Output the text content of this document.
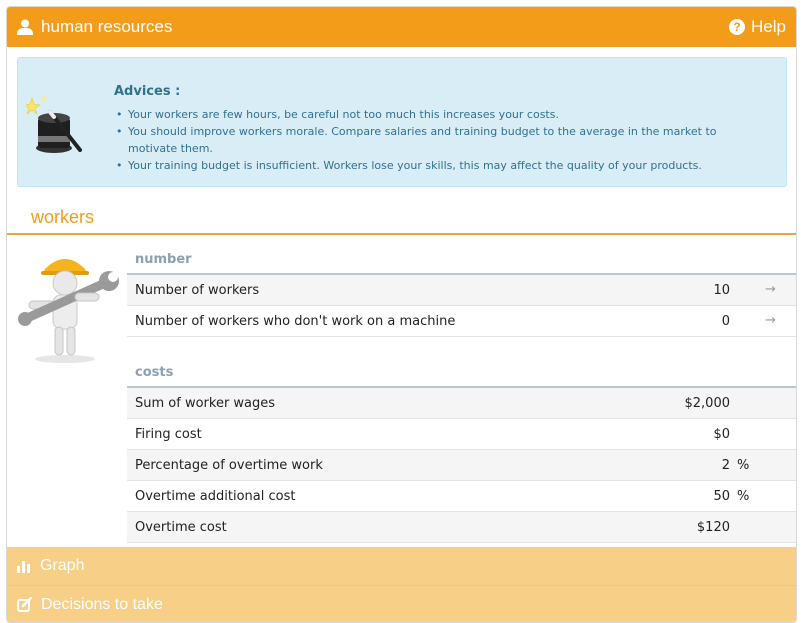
human resources	? Help
Advices :
• Your workers are few hours, be careful not too much this increases your costs.
• You should improve workers morale. Compare salaries and training budget to the average in the market to motivate them.
• Your training budget is insufficient. Workers lose your skills, this may affect the quality of your products.
workers
number
Number of workers	10	→
Number of workers who don't work on a machine	0	→
costs
Sum of worker wages	$2,000
Firing cost	$0
Percentage of overtime work	2 %
Overtime additional cost	50 %
Overtime cost	$120
Graph
Decisions to take
